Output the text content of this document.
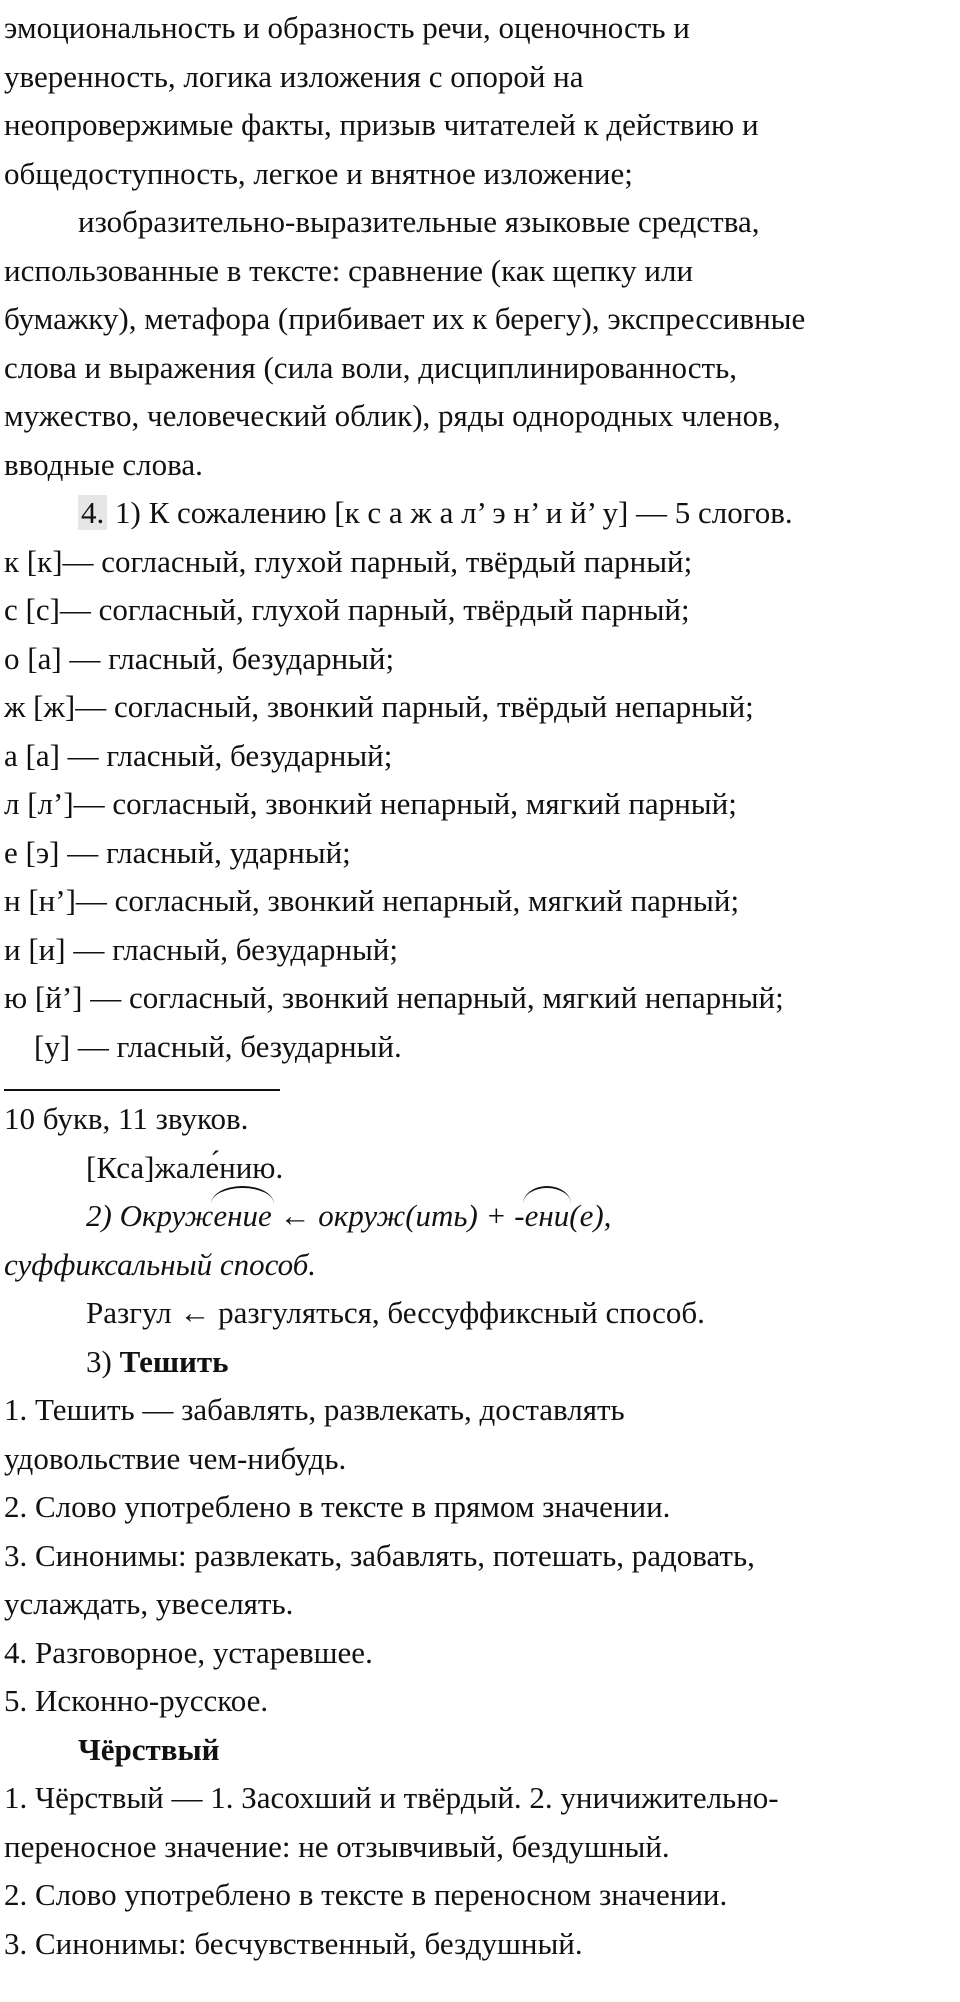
эмоциональность и образность речи, оценочность и

уверенность, логика изложения с опорой на

неопровержимые факты, призыв читателей к действию и

общедоступность, легкое и внятное изложение;

изобразительно-выразительные языковые средства,

использованные в тексте: сравнение (как щепку или

бумажку), метафора (прибивает их к берегу), экспрессивные

слова и выражения (сила воли, дисциплинированность,

мужество, человеческий облик), ряды однородных членов,

вводные слова.

4. 1) К сожалению [к с а ж а л’ э н’ и й’ у] — 5 слогов.

к [к]— согласный, глухой парный, твёрдый парный;

с [с]— согласный, глухой парный, твёрдый парный;

о [а] — гласный, безударный;

ж [ж]— согласный, звонкий парный, твёрдый непарный;

а [а] — гласный, безударный;

л [л’]— согласный, звонкий непарный, мягкий парный;

е [э] — гласный, ударный;

н [н’]— согласный, звонкий непарный, мягкий парный;

и [и] — гласный, безударный;

ю [й’] — согласный, звонкий непарный, мягкий непарный;

[у] — гласный, безударный.

10 букв, 11 звуков.

[Кса]жале́нию.

2) Окружение ← окруж(ить) + -ени(е),

суффиксальный способ.

Разгул ← разгуляться, бессуффиксный способ.

3) Тешить

1. Тешить — забавлять, развлекать, доставлять

удовольствие чем-нибудь.

2. Слово употреблено в тексте в прямом значении.

3. Синонимы: развлекать, забавлять, потешать, радовать,

услаждать, увеселять.

4. Разговорное, устаревшее.

5. Исконно-русское.

Чёрствый

1. Чёрствый — 1. Засохший и твёрдый. 2. уничижительно-

переносное значение: не отзывчивый, бездушный.

2. Слово употреблено в тексте в переносном значении.

3. Синонимы: бесчувственный, бездушный.
